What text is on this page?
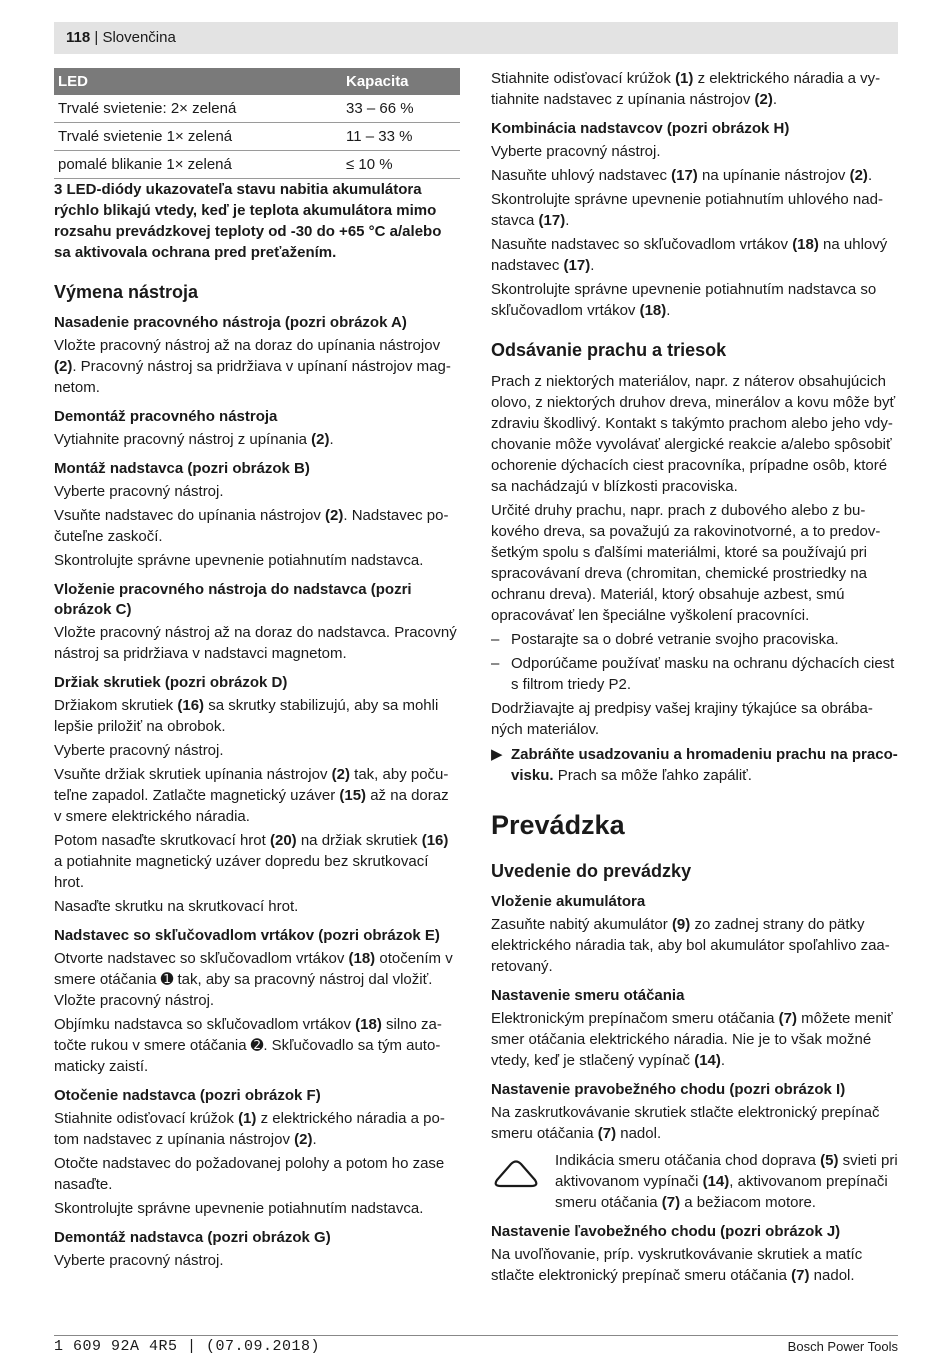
118 | Slovenčina
LED	Kapacita
Trvalé svietenie: 2× zelená	33 – 66 %
Trvalé svietenie 1× zelená	11 – 33 %
pomalé blikanie 1× zelená	≤ 10 %

3 LED-diódy ukazovateľa stavu nabitia akumulátora rýchlo blikajú vtedy, keď je teplota akumulátora mimo rozsahu prevádzkovej teploty od -30 do +65 °C a/alebo sa aktivovala ochrana pred preťažením.

Výmena nástroja
Nasadenie pracovného nástroja (pozri obrázok A)

Vložte pracovný nástroj až na doraz do upínania nástrojov (2). Pracovný nástroj sa pridržiava v upínaní nástrojov magnetom.

Demontáž pracovného nástroja

Vytiahnite pracovný nástroj z upínania (2).

Montáž nadstavca (pozri obrázok B)

Vyberte pracovný nástroj.

Vsuňte nadstavec do upínania nástrojov (2). Nadstavec počuteľne zaskočí.

Skontrolujte správne upevnenie potiahnutím nadstavca.

Vloženie pracovného nástroja do nadstavca (pozri obrázok C)

Vložte pracovný nástroj až na doraz do nadstavca. Pracovný nástroj sa pridržiava v nadstavci magnetom.

Držiak skrutiek (pozri obrázok D)

Držiakom skrutiek (16) sa skrutky stabilizujú, aby sa mohli lepšie priložiť na obrobok.

Vyberte pracovný nástroj.

Vsuňte držiak skrutiek upínania nástrojov (2) tak, aby počuteľne zapadol. Zatlačte magnetický uzáver (15) až na doraz v smere elektrického náradia.

Potom nasaďte skrutkovací hrot (20) na držiak skrutiek (16) a potiahnite magnetický uzáver dopredu bez skrutkovací hrot.

Nasaďte skrutku na skrutkovací hrot.

Nadstavec so skľučovadlom vrtákov (pozri obrázok E)

Otvorte nadstavec so skľučovadlom vrtákov (18) otočením v smere otáčania ➊ tak, aby sa pracovný nástroj dal vložiť. Vložte pracovný nástroj.

Objímku nadstavca so skľučovadlom vrtákov (18) silno zatočte rukou v smere otáčania ➋. Skľučovadlo sa tým automaticky zaistí.

Otočenie nadstavca (pozri obrázok F)

Stiahnite odisťovací krúžok (1) z elektrického náradia a potom nadstavec z upínania nástrojov (2).

Otočte nadstavec do požadovanej polohy a potom ho zase nasaďte.

Skontrolujte správne upevnenie potiahnutím nadstavca.

Demontáž nadstavca (pozri obrázok G)

Vyberte pracovný nástroj.

Stiahnite odisťovací krúžok (1) z elektrického náradia a vytiahnite nadstavec z upínania nástrojov (2).

Kombinácia nadstavcov (pozri obrázok H)

Vyberte pracovný nástroj.

Nasuňte uhlový nadstavec (17) na upínanie nástrojov (2).

Skontrolujte správne upevnenie potiahnutím uhlového nadstavca (17).

Nasuňte nadstavec so skľučovadlom vrtákov (18) na uhlový nadstavec (17).

Skontrolujte správne upevnenie potiahnutím nadstavca so skľučovadlom vrtákov (18).

Odsávanie prachu a triesok

Prach z niektorých materiálov, napr. z náterov obsahujúcich olovo, z niektorých druhov dreva, minerálov a kovu môže byť zdraviu škodlivý. Kontakt s takýmto prachom alebo jeho vdychovanie môže vyvolávať alergické reakcie a/alebo spôsobiť ochorenie dýchacích ciest pracovníka, prípadne osôb, ktoré sa nachádzajú v blízkosti pracoviska.

Určité druhy prachu, napr. prach z dubového alebo z bukového dreva, sa považujú za rakovinotvorné, a to predovšetkým spolu s ďalšími materiálmi, ktoré sa používajú pri spracovávaní dreva (chromitan, chemické prostriedky na ochranu dreva). Materiál, ktorý obsahuje azbest, smú opracovávať len špeciálne vyškolení pracovníci.

– Postarajte sa o dobré vetranie svojho pracoviska.

– Odporúčame používať masku na ochranu dýchacích ciest s filtrom triedy P2.

Dodržiavajte aj predpisy vašej krajiny týkajúce sa obrábaných materiálov.

▶ Zabráňte usadzovaniu a hromadeniu prachu na pracovisku. Prach sa môže ľahko zapáliť.

Prevádzka
Uvedenie do prevádzky
Vloženie akumulátora

Zasuňte nabitý akumulátor (9) zo zadnej strany do pätky elektrického náradia tak, aby bol akumulátor spoľahlivo zaaretovaný.

Nastavenie smeru otáčania

Elektronickým prepínačom smeru otáčania (7) môžete meniť smer otáčania elektrického náradia. Nie je to však možné vtedy, keď je stlačený vypínač (14).

Nastavenie pravobežného chodu (pozri obrázok I)

Na zaskrutkovávanie skrutiek stlačte elektronický prepínač smeru otáčania (7) nadol.

Indikácia smeru otáčania chod doprava (5) svieti pri aktivovanom vypínači (14), aktivovanom prepínači smeru otáčania (7) a bežiacom motore.

Nastavenie ľavobežného chodu (pozri obrázok J)

Na uvoľňovanie, príp. vyskrutkovávanie skrutiek a matíc stlačte elektronický prepínač smeru otáčania (7) nadol.

1 609 92A 4R5 | (07.09.2018)	Bosch Power Tools
